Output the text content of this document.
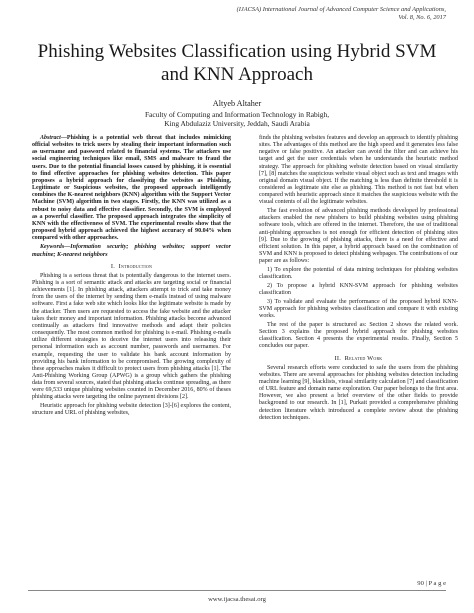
(IJACSA) International Journal of Advanced Computer Science and Applications,
Vol. 8, No. 6, 2017
Phishing Websites Classification using Hybrid SVM
and KNN Approach
Altyeb Altaher
Faculty of Computing and Information Technology in Rabigh,
King Abdulaziz University, Jeddah, Saudi Arabia

Abstract—Phishing is a potential web threat that includes mimicking official websites to trick users by stealing their important information such as username and password related to financial systems. The attackers use social engineering techniques like email, SMS and malware to fraud the users. Due to the potential financial losses caused by phishing, it is essential to find effective approaches for phishing websites detection. This paper proposes a hybrid approach for classifying the websites as Phishing, Legitimate or Suspicious websites, the proposed approach intelligently combines the K-nearest neighbors (KNN) algorithm with the Support Vector Machine (SVM) algorithm in two stages. Firstly, the KNN was utilized as a robust to noisy data and effective classifier. Secondly, the SVM is employed as a powerful classifier. The proposed approach integrates the simplicity of KNN with the effectiveness of SVM. The experimental results show that the proposed hybrid approach achieved the highest accuracy of 90.04% when compared with other approaches.

Keywords—Information security; phishing websites; support vector machine; K-nearest neighbors

I. Introduction

Phishing is a serious threat that is potentially dangerous to the internet users. Phishing is a sort of semantic attack and attacks are targeting social or financial achievements [1]. In phishing attack, attackers attempt to trick and take money from the users of the internet by sending them e-mails instead of using malware software. First a fake web site which looks like the legitimate website is made by the attacker. Then users are requested to access the fake website and the attacker takes their money and important information. Phishing attacks become advanced continually as attackers find innovative methods and adapt their policies consequently. The most common method for phishing is e-mail. Phishing e-mails utilize different strategies to deceive the internet users into releasing their personal information such as account number, passwords and usernames. For example, requesting the user to validate his bank account information by providing his bank information to be compromised. The growing complexity of these approaches makes it difficult to protect users from phishing attacks [1]. The Anti-Phishing Working Group (APWG) is a group which gathers the phishing data from several sources, stated that phishing attacks continue spreading, as there were 69,533 unique phishing websites counted in December 2016, 80% of theses phishing attacks were targeting the online payment divisions [2].

Heuristic approach for phishing website detection [3]-[6] explores the content, structure and URL of phishing websites,

finds the phishing websites features and develop an approach to identify phishing sites. The advantages of this method are the high speed and it generates less false negative or false positive. An attacker can avoid the filter and can achieve his target and get the user credentials when he understands the heuristic method strategy. The approach for phishing website detection based on visual similarity [7], [8] matches the suspicious website visual object such as text and images with original domain visual object. If the matching is less than definite threshold it is considered as legitimate site else as phishing. This method is not fast but when compared with heuristic approach since it matches the suspicious website with the visual contents of all the legitimate websites.

The fast evolution of advanced phishing methods developed by professional attackers enabled the new phishers to build phishing websites using phishing software tools, which are offered in the internet. Therefore, the use of traditional anti-phishing approaches is not enough for efficient detection of phishing sites [9]. Due to the growing of phishing attacks, there is a need for effective and efficient solution. In this paper, a hybrid approach based on the combination of SVM and KNN is proposed to detect phishing webpages. The contributions of our paper are as follows:

1) To explore the potential of data mining techniques for phishing websites classification.

2) To propose a hybrid KNN-SVM approach for phishing websites classification

3) To validate and evaluate the performance of the proposed hybrid KNN-SVM approach for phishing websites classification and compare it with existing works.

The rest of the paper is structured as: Section 2 shows the related work. Section 3 explains the proposed hybrid approach for phishing websites classification. Section 4 presents the experimental results. Finally, Section 5 concludes our paper.

II. Related Work

Several research efforts were conducted to safe the users from the phishing websites. There are several approaches for phishing websites detection including machine learning [9], blacklists, visual similarity calculation [7] and classification of URL feature and domain name exploration. Our paper belongs to the first area. However, we also present a brief overview of the other fields to provide background to our research. In [1], Purkait provided a comprehensive phishing detection literature which introduced a complete review about the phishing detection techniques.

90 | P a g e
www.ijacsa.thesai.org
